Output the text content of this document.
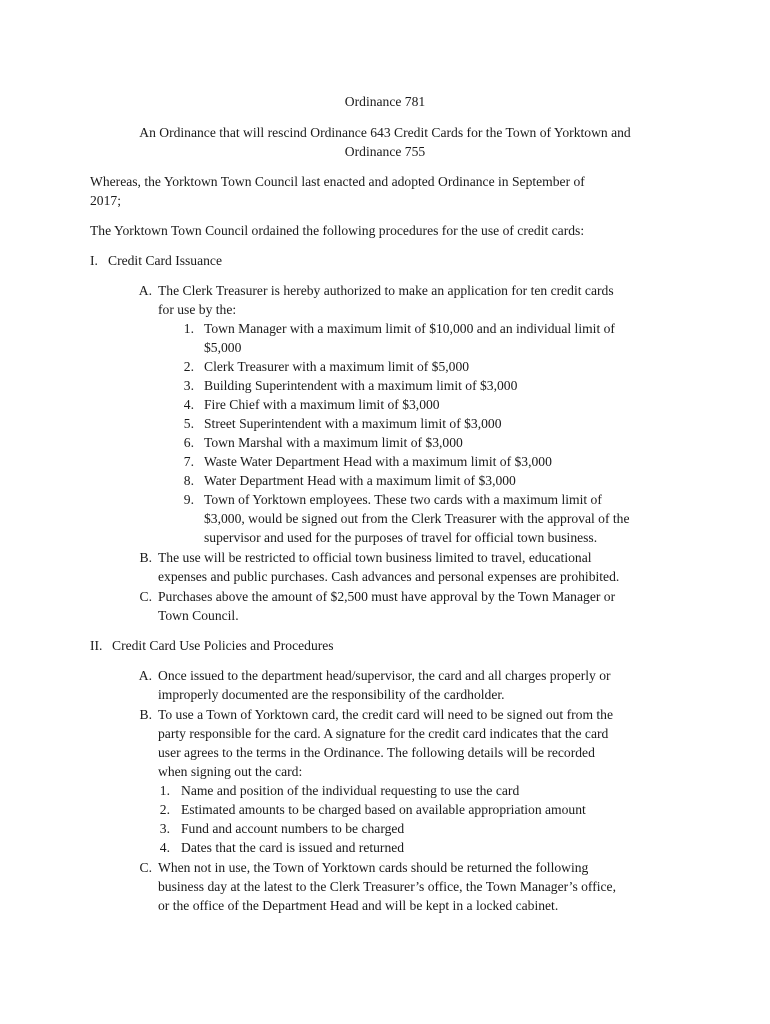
Ordinance 781
An Ordinance that will rescind Ordinance 643 Credit Cards for the Town of Yorktown and
Ordinance 755
Whereas, the Yorktown Town Council last enacted and adopted Ordinance in September of
2017;
The Yorktown Town Council ordained the following procedures for the use of credit cards:
I. Credit Card Issuance
A. The Clerk Treasurer is hereby authorized to make an application for ten credit cards
for use by the:
1. Town Manager with a maximum limit of $10,000 and an individual limit of
$5,000
2. Clerk Treasurer with a maximum limit of $5,000
3. Building Superintendent with a maximum limit of $3,000
4. Fire Chief with a maximum limit of $3,000
5. Street Superintendent with a maximum limit of $3,000
6. Town Marshal with a maximum limit of $3,000
7. Waste Water Department Head with a maximum limit of $3,000
8. Water Department Head with a maximum limit of $3,000
9. Town of Yorktown employees. These two cards with a maximum limit of
$3,000, would be signed out from the Clerk Treasurer with the approval of the
supervisor and used for the purposes of travel for official town business.
B. The use will be restricted to official town business limited to travel, educational
expenses and public purchases. Cash advances and personal expenses are prohibited.
C. Purchases above the amount of $2,500 must have approval by the Town Manager or
Town Council.
II. Credit Card Use Policies and Procedures
A. Once issued to the department head/supervisor, the card and all charges properly or
improperly documented are the responsibility of the cardholder.
B. To use a Town of Yorktown card, the credit card will need to be signed out from the
party responsible for the card. A signature for the credit card indicates that the card
user agrees to the terms in the Ordinance. The following details will be recorded
when signing out the card:
1. Name and position of the individual requesting to use the card
2. Estimated amounts to be charged based on available appropriation amount
3. Fund and account numbers to be charged
4. Dates that the card is issued and returned
C. When not in use, the Town of Yorktown cards should be returned the following
business day at the latest to the Clerk Treasurer’s office, the Town Manager’s office,
or the office of the Department Head and will be kept in a locked cabinet.
